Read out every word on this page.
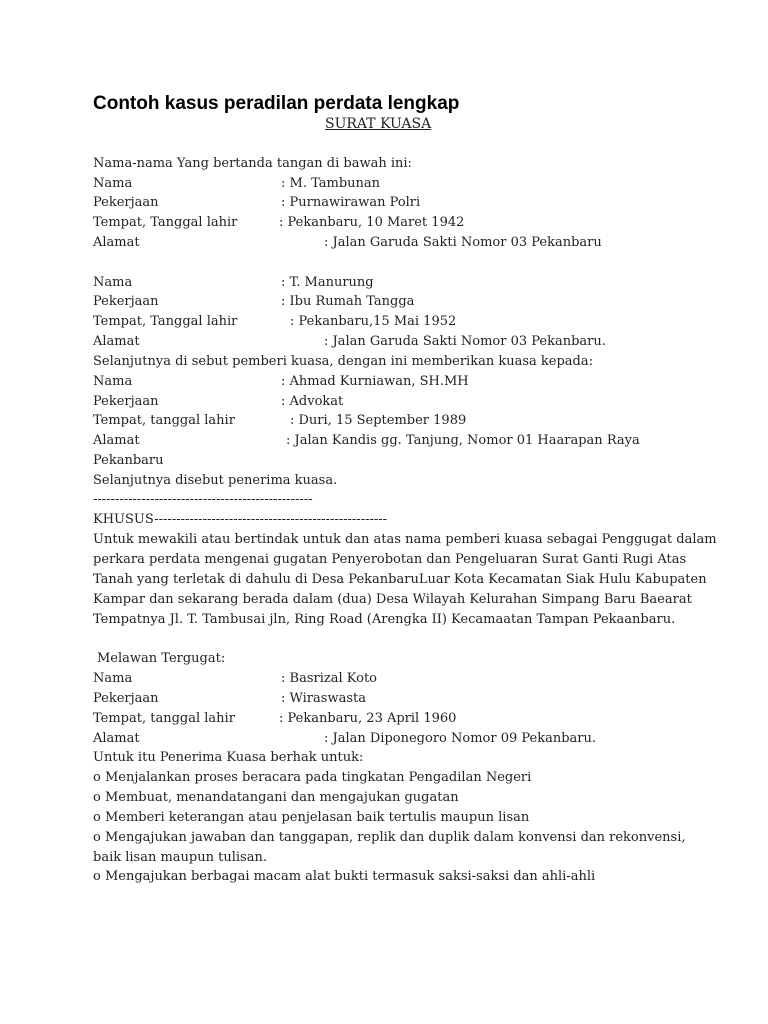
Contoh kasus peradilan perdata lengkap
SURAT KUASA
Nama-nama Yang bertanda tangan di bawah ini:
Nama	: M. Tambunan
Pekerjaan	: Purnawirawan Polri
Tempat, Tanggal lahir	: Pekanbaru, 10 Maret 1942
Alamat	: Jalan Garuda Sakti Nomor 03 Pekanbaru
Nama	: T. Manurung
Pekerjaan	: Ibu Rumah Tangga
Tempat, Tanggal lahir	: Pekanbaru,15 Mai 1952
Alamat	: Jalan Garuda Sakti Nomor 03 Pekanbaru.
Selanjutnya di sebut pemberi kuasa, dengan ini memberikan kuasa kepada:
Nama	: Ahmad Kurniawan, SH.MH
Pekerjaan	: Advokat
Tempat, tanggal lahir	: Duri, 15 September 1989
Alamat	: Jalan Kandis gg. Tanjung, Nomor 01 Haarapan Raya
Pekanbaru
Selanjutnya disebut penerima kuasa.
--------------------------------------------------
KHUSUS-----------------------------------------------------
Untuk mewakili atau bertindak untuk dan atas nama pemberi kuasa sebagai Penggugat dalam
perkara perdata mengenai gugatan Penyerobotan dan Pengeluaran Surat Ganti Rugi Atas
Tanah yang terletak di dahulu di Desa PekanbaruLuar Kota Kecamatan Siak Hulu Kabupaten
Kampar dan sekarang berada dalam (dua) Desa Wilayah Kelurahan Simpang Baru Baearat
Tempatnya Jl. T. Tambusai jln, Ring Road (Arengka II) Kecamaatan Tampan Pekaanbaru.
Melawan Tergugat:
Nama	: Basrizal Koto
Pekerjaan	: Wiraswasta
Tempat, tanggal lahir	: Pekanbaru, 23 April 1960
Alamat	: Jalan Diponegoro Nomor 09 Pekanbaru.
Untuk itu Penerima Kuasa berhak untuk:
o Menjalankan proses beracara pada tingkatan Pengadilan Negeri
o Membuat, menandatangani dan mengajukan gugatan
o Memberi keterangan atau penjelasan baik tertulis maupun lisan
o Mengajukan jawaban dan tanggapan, replik dan duplik dalam konvensi dan rekonvensi,
baik lisan maupun tulisan.
o Mengajukan berbagai macam alat bukti termasuk saksi-saksi dan ahli-ahli
